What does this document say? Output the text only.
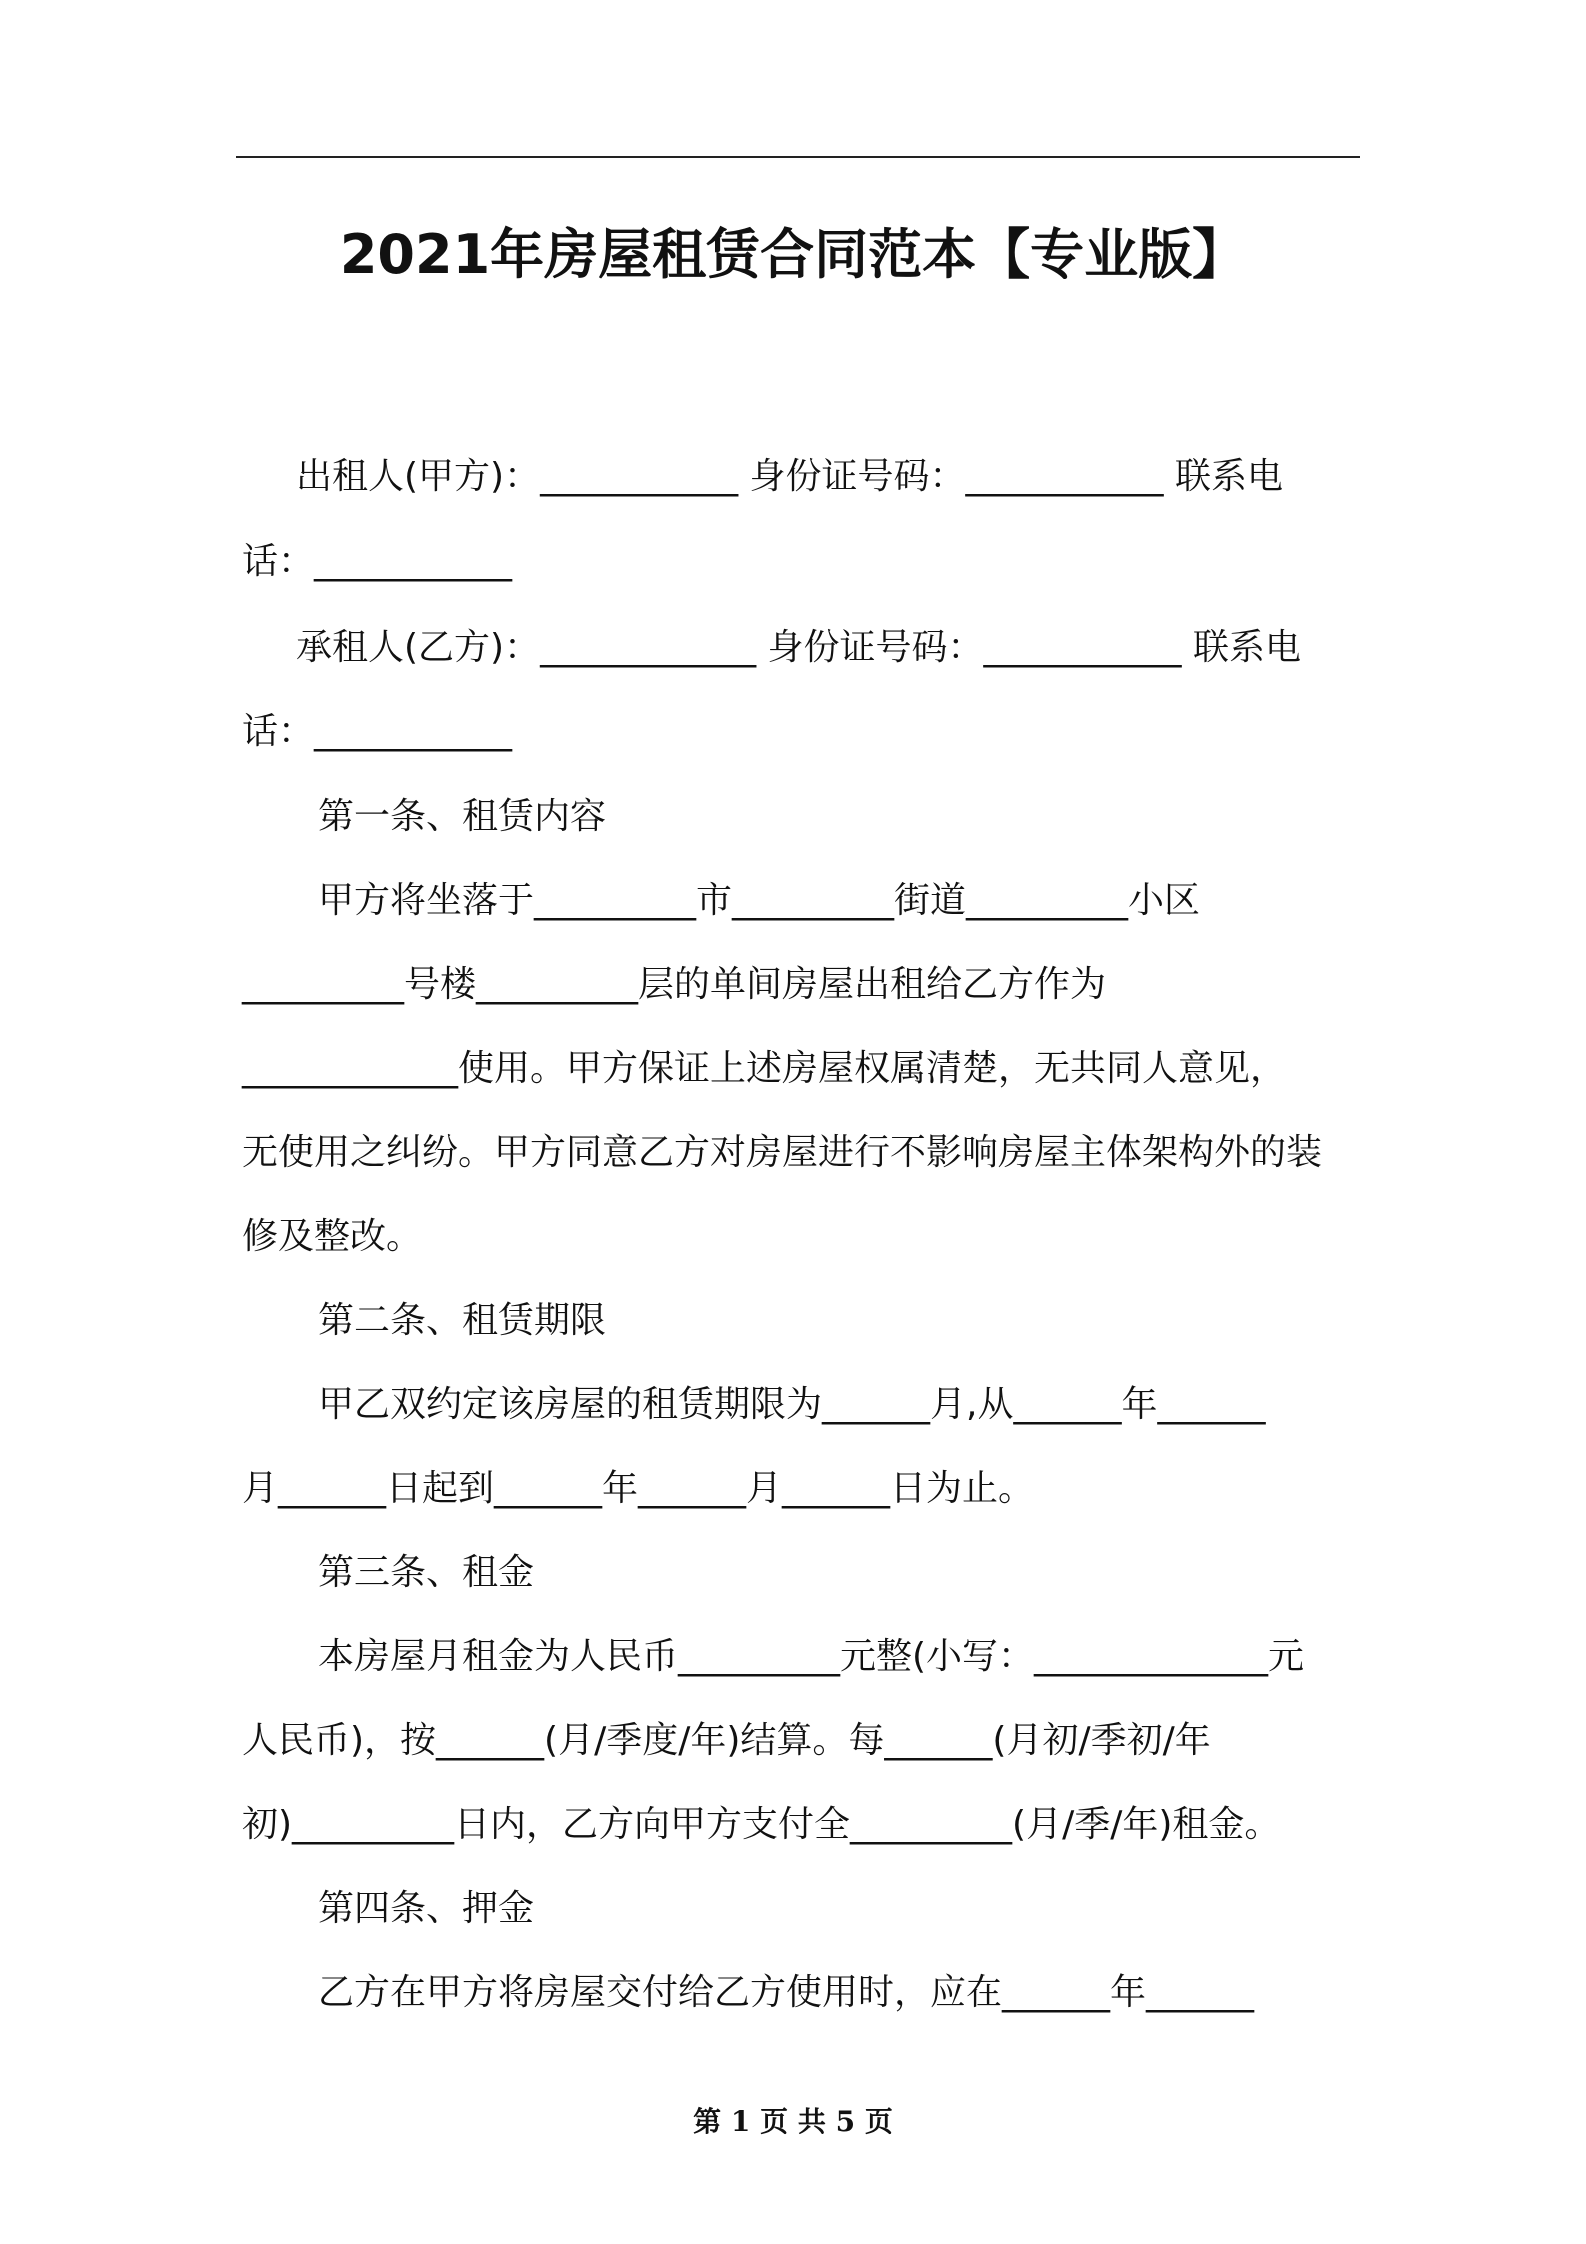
2021年房屋租赁合同范本【专业版】
出租人(甲方)：___________ 身份证号码：___________ 联系电
话：___________
承租人(乙方)：____________ 身份证号码：___________ 联系电
话：___________
第一条、租赁内容
甲方将坐落于_________市_________街道_________小区
_________号楼_________层的单间房屋出租给乙方作为
____________使用。甲方保证上述房屋权属清楚，无共同人意见，
无使用之纠纷。甲方同意乙方对房屋进行不影响房屋主体架构外的装
修及整改。
第二条、租赁期限
甲乙双约定该房屋的租赁期限为______月,从______年______
月______日起到______年______月______日为止。
第三条、租金
本房屋月租金为人民币_________元整(小写：_____________元
人民币)，按______(月/季度/年)结算。每______(月初/季初/年
初)_________日内，乙方向甲方支付全_________(月/季/年)租金。
第四条、押金
乙方在甲方将房屋交付给乙方使用时，应在______年______
第 1 页 共 5 页
